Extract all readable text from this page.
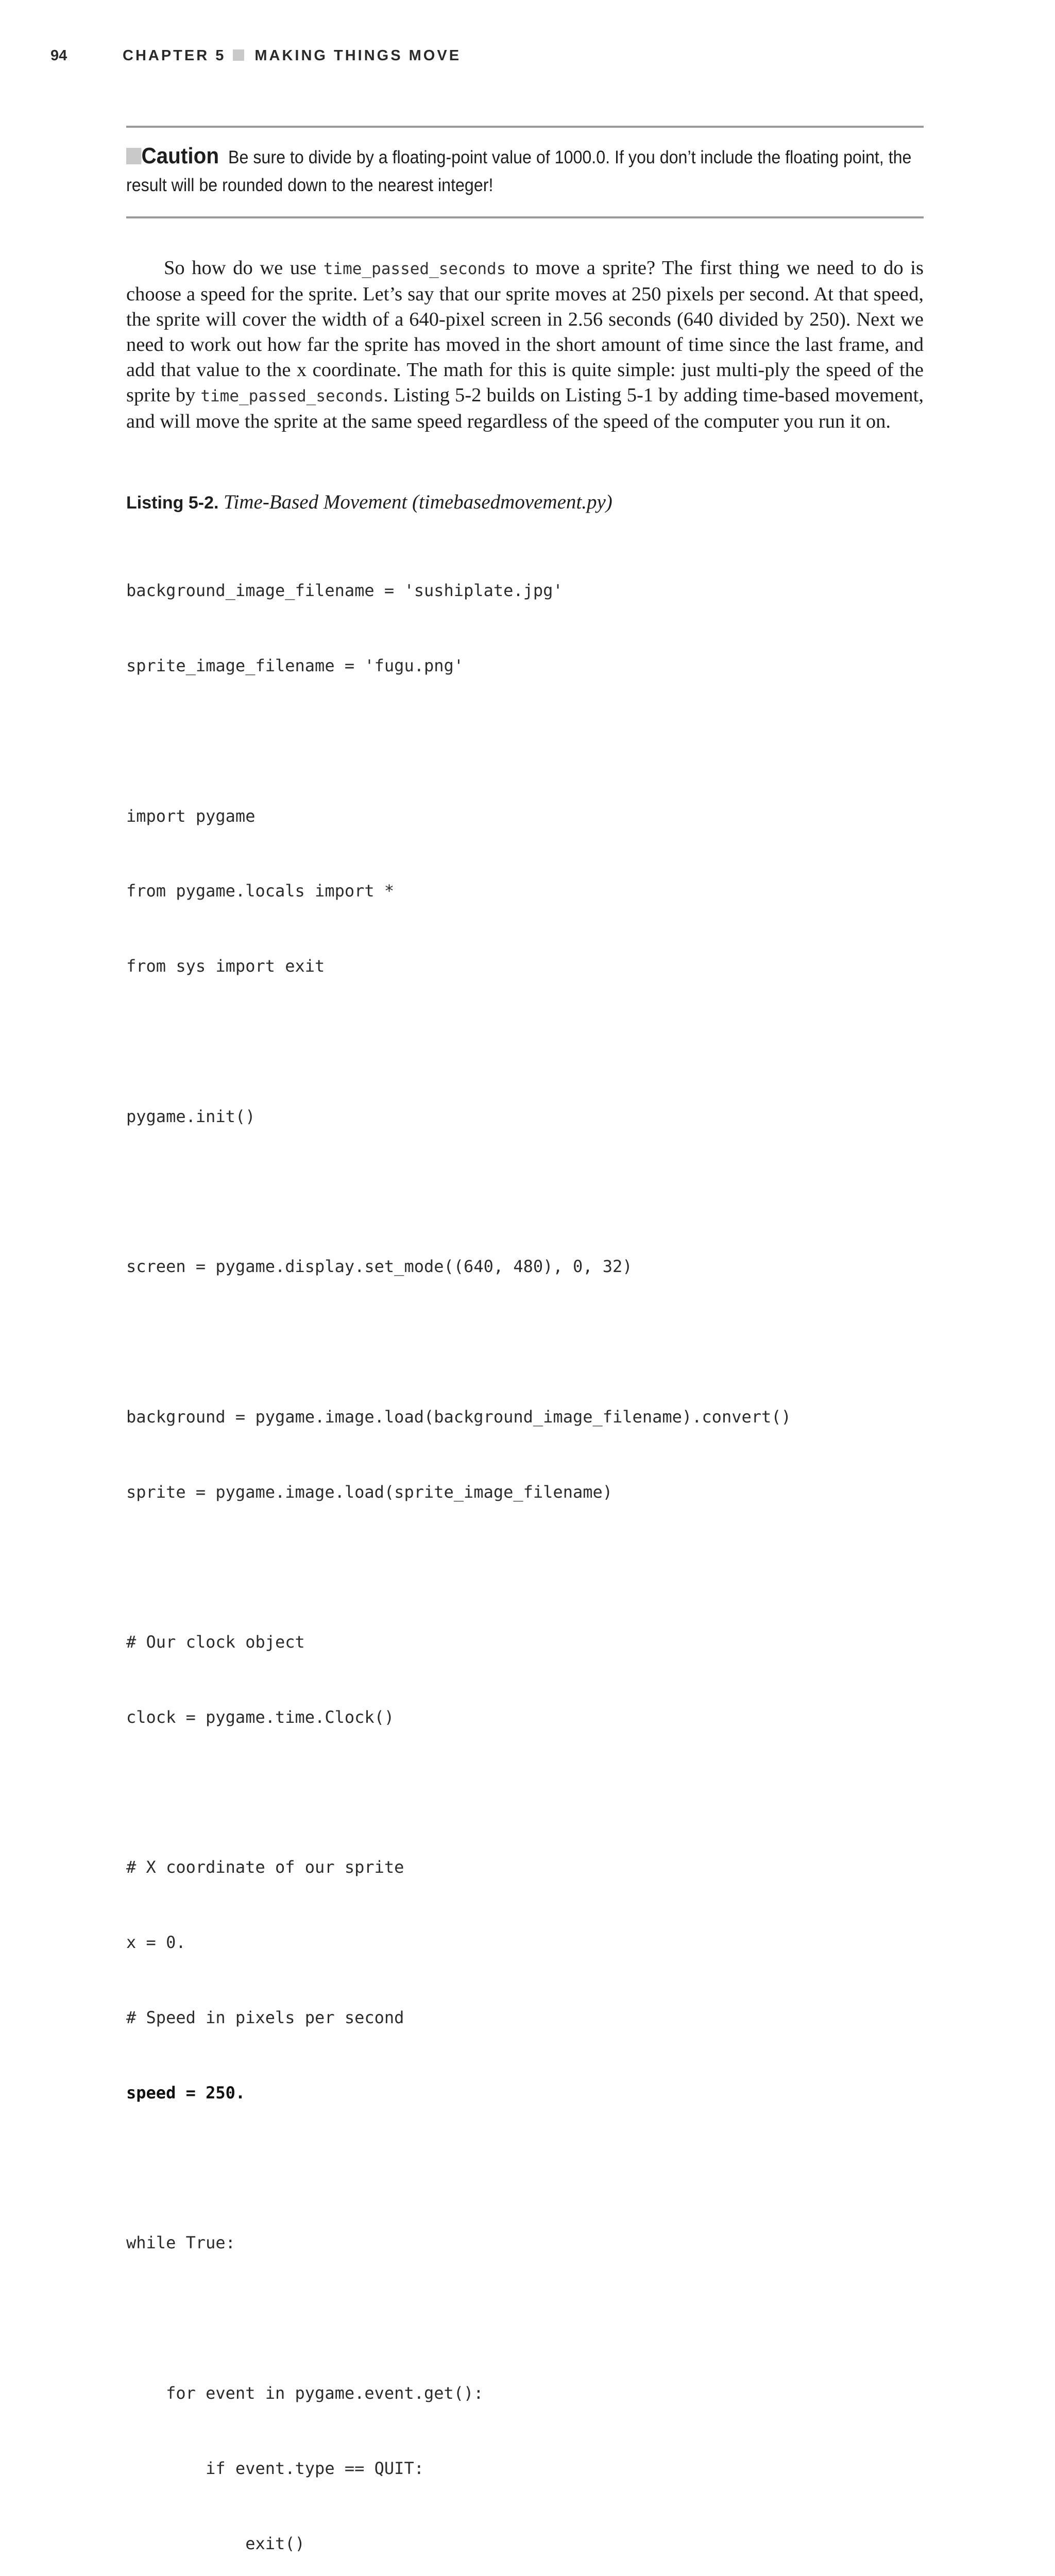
94	CHAPTER 5 MAKING THINGS MOVE
Caution Be sure to divide by a floating-point value of 1000.0. If you don’t include the floating point, the result will be rounded down to the nearest integer!
So how do we use time_passed_seconds to move a sprite? The first thing we need to do is choose a speed for the sprite. Let’s say that our sprite moves at 250 pixels per second. At that speed, the sprite will cover the width of a 640-pixel screen in 2.56 seconds (640 divided by 250). Next we need to work out how far the sprite has moved in the short amount of time since the last frame, and add that value to the x coordinate. The math for this is quite simple: just multi-ply the speed of the sprite by time_passed_seconds. Listing 5-2 builds on Listing 5-1 by adding time-based movement, and will move the sprite at the same speed regardless of the speed of the computer you run it on.
Listing 5-2. Time-Based Movement (timebasedmovement.py)

background_image_filename = 'sushiplate.jpg'

sprite_image_filename = 'fugu.png'

import pygame

from pygame.locals import *

from sys import exit

pygame.init()

screen = pygame.display.set_mode((640, 480), 0, 32)

background = pygame.image.load(background_image_filename).convert()

sprite = pygame.image.load(sprite_image_filename)

# Our clock object

clock = pygame.time.Clock()

# X coordinate of our sprite

x = 0.

# Speed in pixels per second

speed = 250.

while True:

for event in pygame.event.get():

if event.type == QUIT:

exit()
